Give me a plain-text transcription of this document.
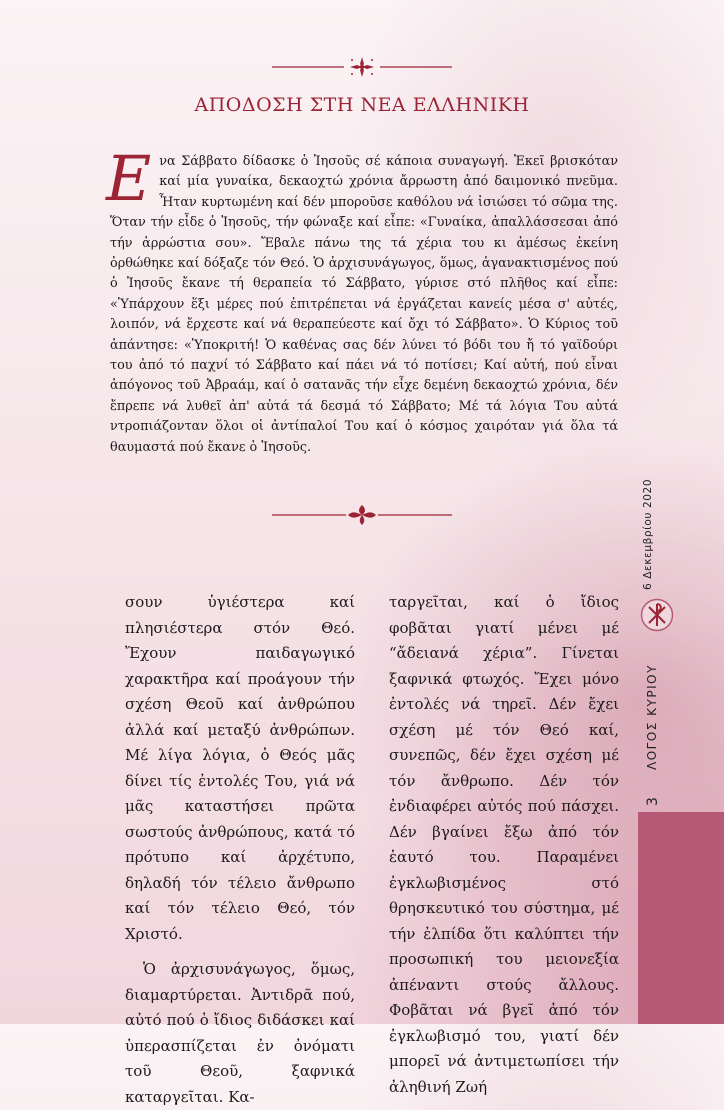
ΑΠΟΔΟΣΗ ΣΤΗ ΝΕΑ ΕΛΛΗΝΙΚΗ
Ε να Σάββατο δίδασκε ὁ Ἰησοῦς σέ κάποια συναγωγή. Ἐκεῖ βρισκόταν καί μία γυναίκα, δεκαοχτώ χρόνια ἄρρωστη ἀπό δαιμονικό πνεῦμα. Ἦταν κυρτωμένη καί δέν μποροῦσε καθόλου νά ἰσιώσει τό σῶμα της. Ὅταν τήν εἶδε ὁ Ἰησοῦς, τήν φώναξε καί εἶπε: «Γυναίκα, ἀπαλλάσσεσαι ἀπό τήν ἀρρώστια σου». Ἔβαλε πάνω της τά χέρια του κι ἀμέσως ἐκείνη ὀρθώθηκε καί δόξαζε τόν Θεό. Ὁ ἀρχισυνάγωγος, ὅμως, ἀγανακτισμένος πού ὁ Ἰησοῦς ἔκανε τή θεραπεία τό Σάββατο, γύρισε στό πλῆθος καί εἶπε: «Ὑπάρχουν ἕξι μέρες πού ἐπιτρέπεται νά ἐργάζεται κανείς μέσα σ' αὐτές, λοιπόν, νά ἔρχεστε καί νά θεραπεύεστε καί ὄχι τό Σάββατο». Ὁ Κύριος τοῦ ἀπάντησε: «Ὑποκριτή! Ὁ καθένας σας δέν λύνει τό βόδι του ἤ τό γαϊδούρι του ἀπό τό παχνί τό Σάββατο καί πάει νά τό ποτίσει; Καί αὐτή, πού εἶναι ἀπόγονος τοῦ Ἀβραάμ, καί ὁ σατανᾶς τήν εἶχε δεμένη δεκαοχτώ χρόνια, δέν ἔπρεπε νά λυθεῖ ἀπ' αὐτά τά δεσμά τό Σάββατο; Μέ τά λόγια Του αὐτά ντροπιάζονταν ὅλοι οἱ ἀντίπαλοί Του καί ὁ κόσμος χαιρόταν γιά ὅλα τά θαυμαστά πού ἔκανε ὁ Ἰησοῦς.

σουν ὑγιέστερα καί πλησιέστερα στόν Θεό. Ἔχουν παιδαγωγικό χαρακτῆρα καί προάγουν τήν σχέση Θεοῦ καί ἀνθρώπου ἀλλά καί μεταξύ ἀνθρώπων. Μέ λίγα λόγια, ὁ Θεός μᾶς δίνει τίς ἐντολές Του, γιά νά μᾶς καταστήσει πρῶτα σωστούς ἀνθρώπους, κατά τό πρότυπο καί ἀρχέτυπο, δηλαδή τόν τέλειο ἄνθρωπο καί τόν τέλειο Θεό, τόν Χριστό.

Ὁ ἀρχισυνάγωγος, ὅμως, διαμαρτύρεται. Ἀντιδρᾶ πού, αὐτό πού ὁ ἴδιος διδάσκει καί ὑπερασπίζεται ἐν ὀνόματι τοῦ Θεοῦ, ξαφνικά καταργεῖται. Κα-

ταργεῖται, καί ὁ ἴδιος φοβᾶται γιατί μένει μέ “ἄδειανά χέρια”. Γίνεται ξαφνικά φτωχός. Ἔχει μόνο ἐντολές νά τηρεῖ. Δέν ἔχει σχέση μέ τόν Θεό καί, συνεπῶς, δέν ἔχει σχέση μέ τόν ἄνθρωπο. Δέν τόν ἐνδιαφέρει αὐτός πού πάσχει. Δέν βγαίνει ἔξω ἀπό τόν ἑαυτό του. Παραμένει ἐγκλωβισμένος στό θρησκευτικό του σύστημα, μέ τήν ἐλπίδα ὅτι καλύπτει τήν προσωπική του μειονεξία ἀπέναντι στούς ἄλλους. Φοβᾶται νά βγεῖ ἀπό τόν ἐγκλωβισμό του, γιατί δέν μπορεῖ νά ἀντιμετωπίσει τήν ἀληθινή Ζωή

6 Δεκεμβρίου 2020
ΛΟΓΟΣ ΚΥΡΙΟΥ
3
